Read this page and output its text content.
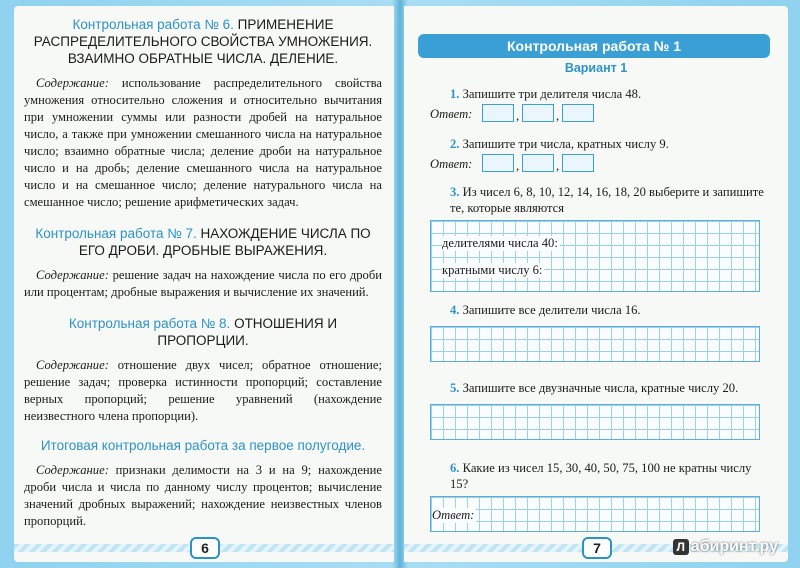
Контрольная работа № 6. ПРИМЕНЕНИЕ РАСПРЕДЕЛИТЕЛЬНОГО СВОЙСТВА УМНОЖЕНИЯ. ВЗАИМНО ОБРАТНЫЕ ЧИСЛА. ДЕЛЕНИЕ.
Содержание: использование распределительного свойства умножения относительно сложения и относительно вычитания при умножении суммы или разности дробей на натуральное число, а также при умножении смешанного числа на натуральное число; взаимно обратные числа; деление дроби на натуральное число и на дробь; деление смешанного числа на натуральное число и на смешанное число; деление натурального числа на смешанное число; решение арифметических задач.
Контрольная работа № 7. НАХОЖДЕНИЕ ЧИСЛА ПО ЕГО ДРОБИ. ДРОБНЫЕ ВЫРАЖЕНИЯ.
Содержание: решение задач на нахождение числа по его дроби или процентам; дробные выражения и вычисление их значений.
Контрольная работа № 8. ОТНОШЕНИЯ И ПРОПОРЦИИ.
Содержание: отношение двух чисел; обратное отношение; решение задач; проверка истинности пропорций; составление верных пропорций; решение уравнений (нахождение неизвестного члена пропорции).
Итоговая контрольная работа за первое полугодие.
Содержание: признаки делимости на 3 и на 9; нахождение дроби числа и числа по данному числу процентов; вычисление значений дробных выражений; нахождение неизвестных членов пропорций.
6
Контрольная работа № 1
Вариант 1
1. Запишите три делителя числа 48.
Ответ:	,	,
2. Запишите три числа, кратных числу 9.
Ответ:	,	,
3. Из чисел 6, 8, 10, 12, 14, 16, 18, 20 выберите и запишите те, которые являются
делителями числа 40:
кратными числу 6:
4. Запишите все делители числа 16.
5. Запишите все двузначные числа, кратные числу 20.
6. Какие из чисел 15, 30, 40, 50, 75, 100 не кратны числу 15?
Ответ:
7	Л абиринт.ру
